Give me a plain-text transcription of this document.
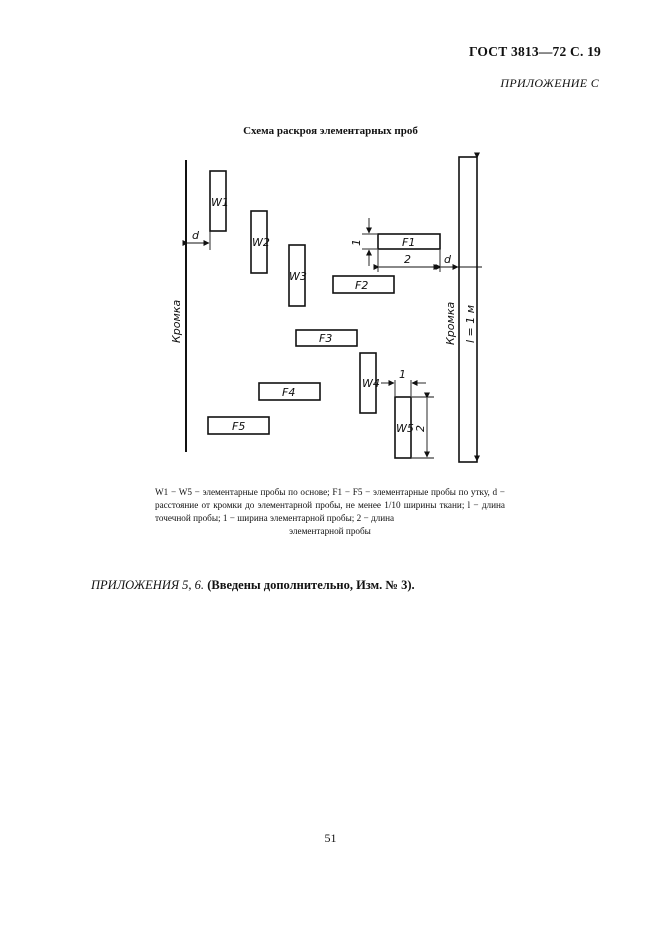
ГОСТ 3813—72 С. 19
ПРИЛОЖЕНИЕ С
Схема раскроя элементарных проб
Кромка	Кромка l = 1 м
d
d
W1
W2
W3
W4
W5
F1
F2
F3
F4
F5
1
2
1
2
W1 − W5 − элементарные пробы по основе; F1 − F5 − элементарные пробы по утку, d − расстояние от кромки до элементарной пробы, не менее 1/10 ширины ткани; l − длина точечной пробы; 1 − ширина элементарной пробы; 2 − длина
элементарной пробы
ПРИЛОЖЕНИЯ 5, 6. (Введены дополнительно, Изм. № 3).
51
